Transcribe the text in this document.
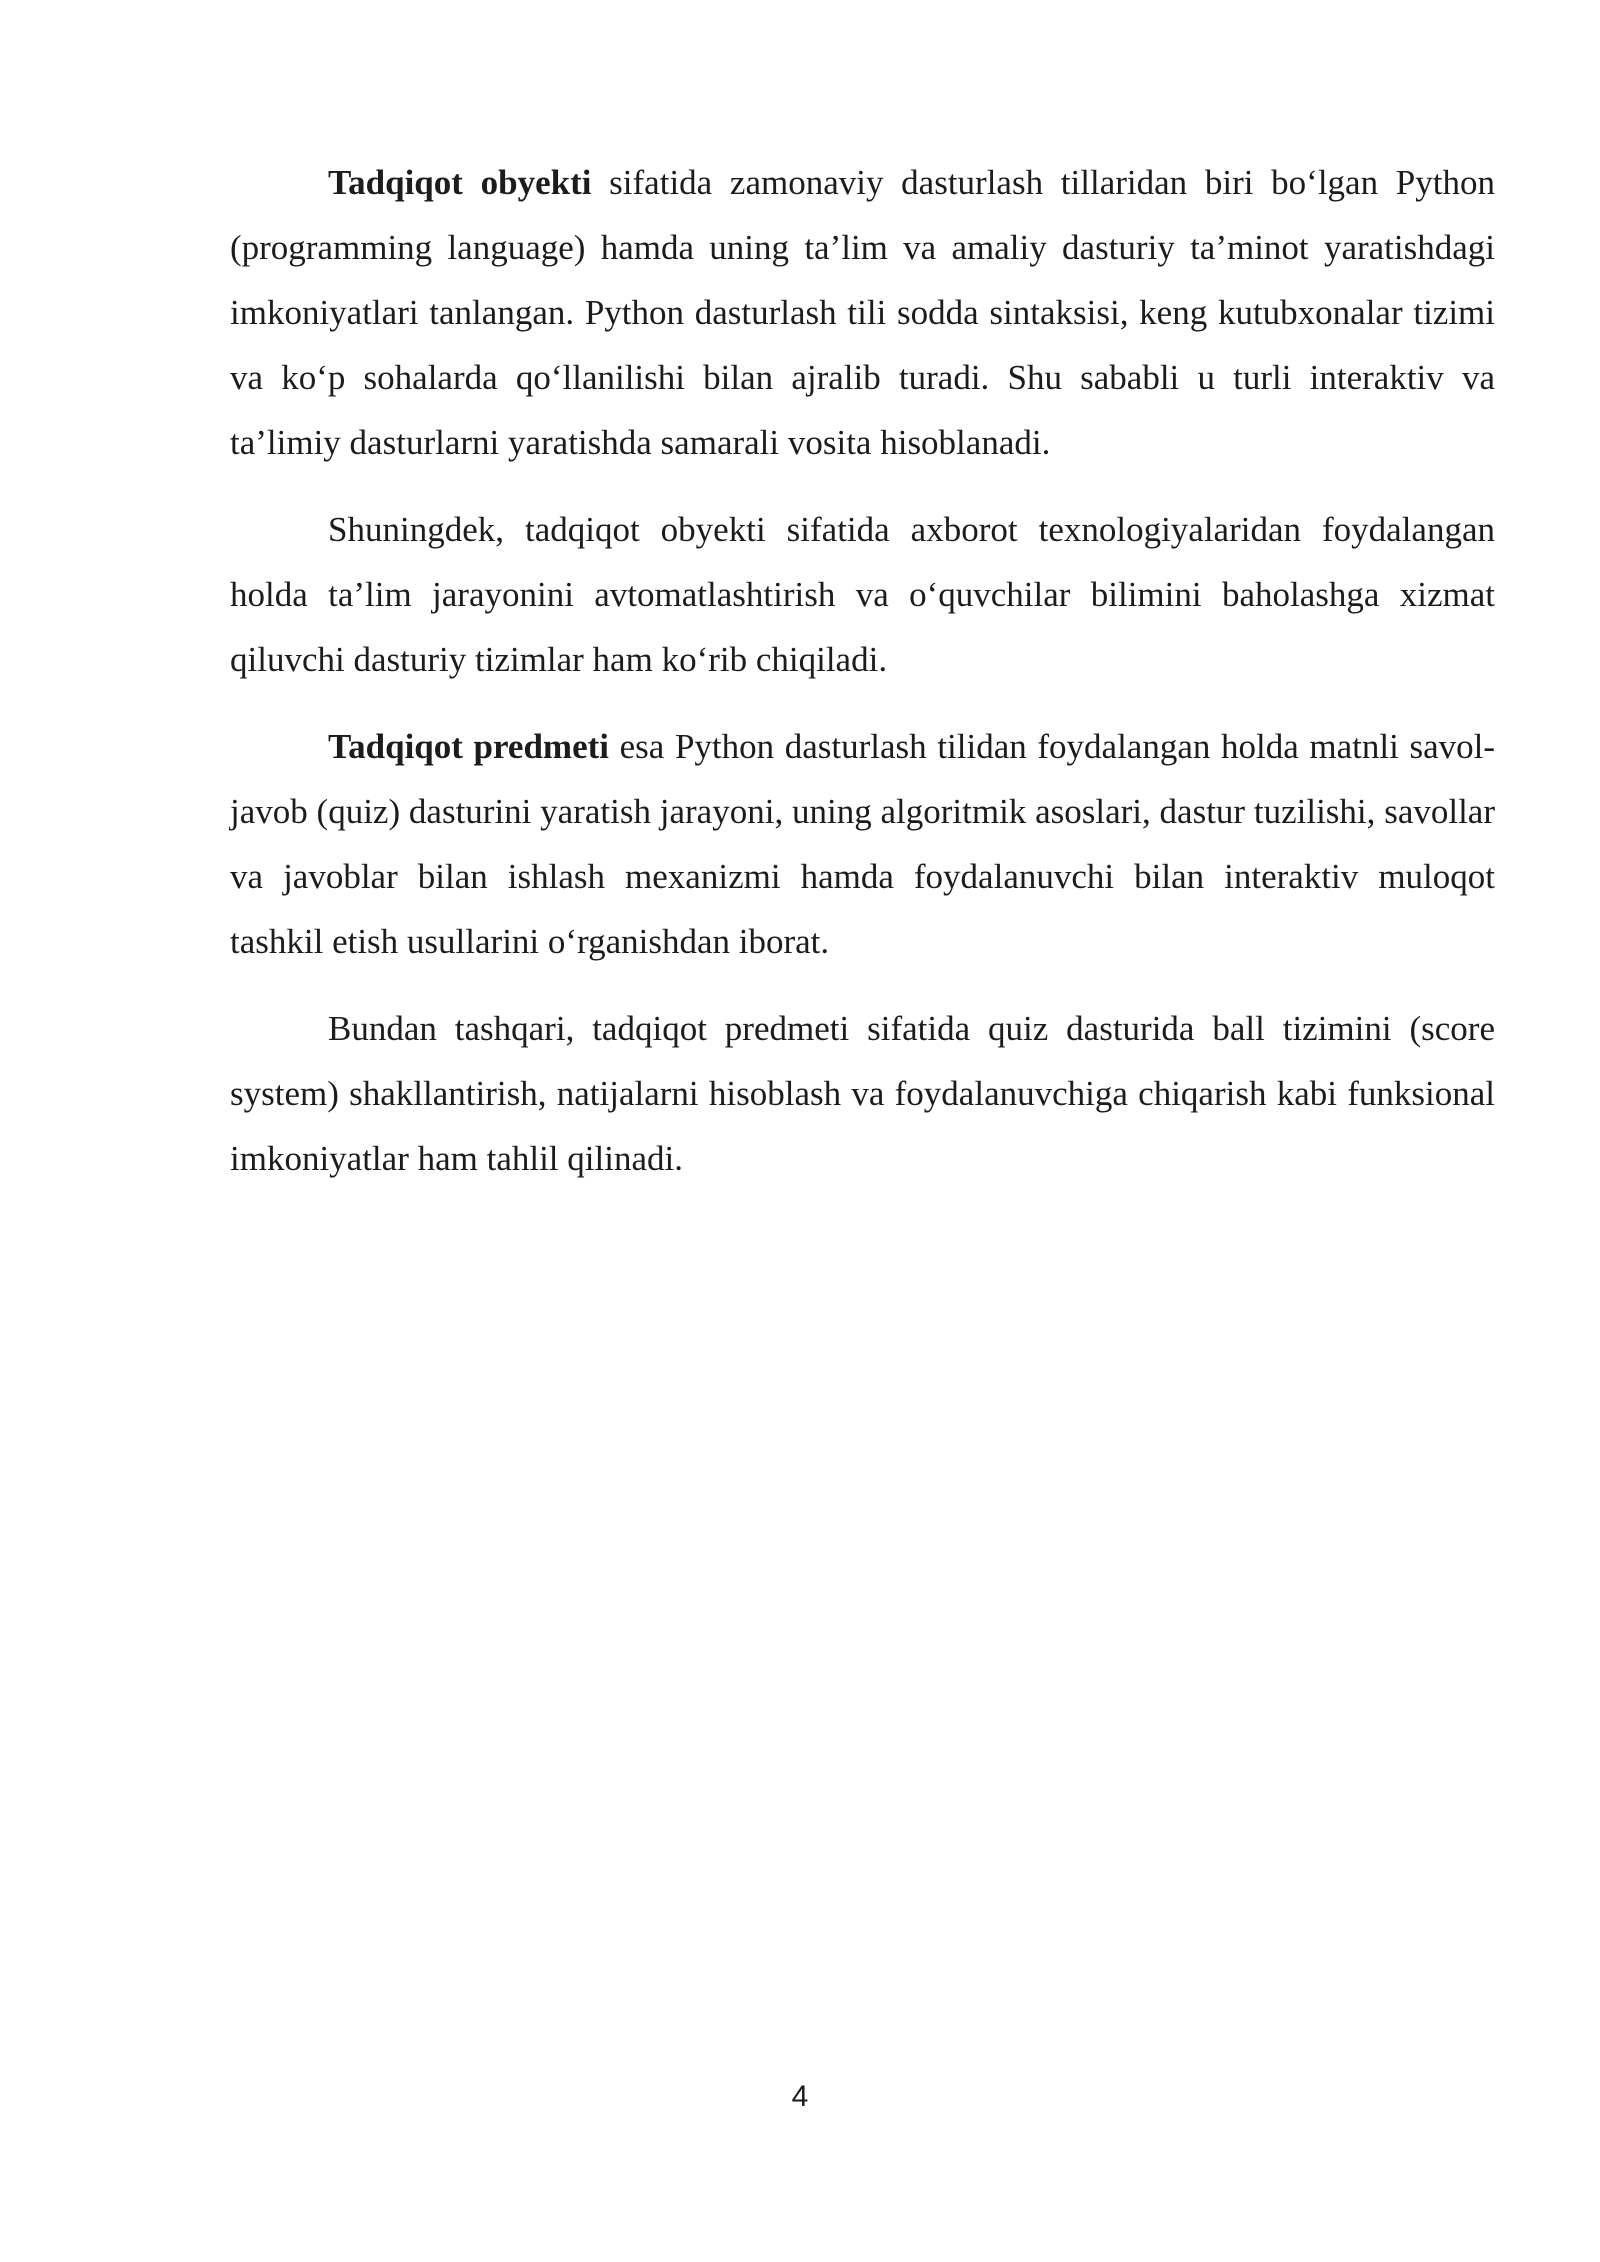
Tadqiqot obyekti sifatida zamonaviy dasturlash tillaridan biri bo‘lgan Python (programming language) hamda uning ta’lim va amaliy dasturiy ta’minot yaratishdagi imkoniyatlari tanlangan. Python dasturlash tili sodda sintaksisi, keng kutubxonalar tizimi va ko‘p sohalarda qo‘llanilishi bilan ajralib turadi. Shu sababli u turli interaktiv va ta’limiy dasturlarni yaratishda samarali vosita hisoblanadi.

Shuningdek, tadqiqot obyekti sifatida axborot texnologiyalaridan foydalangan holda ta’lim jarayonini avtomatlashtirish va o‘quvchilar bilimini baholashga xizmat qiluvchi dasturiy tizimlar ham ko‘rib chiqiladi.

Tadqiqot predmeti esa Python dasturlash tilidan foydalangan holda matnli savol-javob (quiz) dasturini yaratish jarayoni, uning algoritmik asoslari, dastur tuzilishi, savollar va javoblar bilan ishlash mexanizmi hamda foydalanuvchi bilan interaktiv muloqot tashkil etish usullarini o‘rganishdan iborat.

Bundan tashqari, tadqiqot predmeti sifatida quiz dasturida ball tizimini (score system) shakllantirish, natijalarni hisoblash va foydalanuvchiga chiqarish kabi funksional imkoniyatlar ham tahlil qilinadi.

4
